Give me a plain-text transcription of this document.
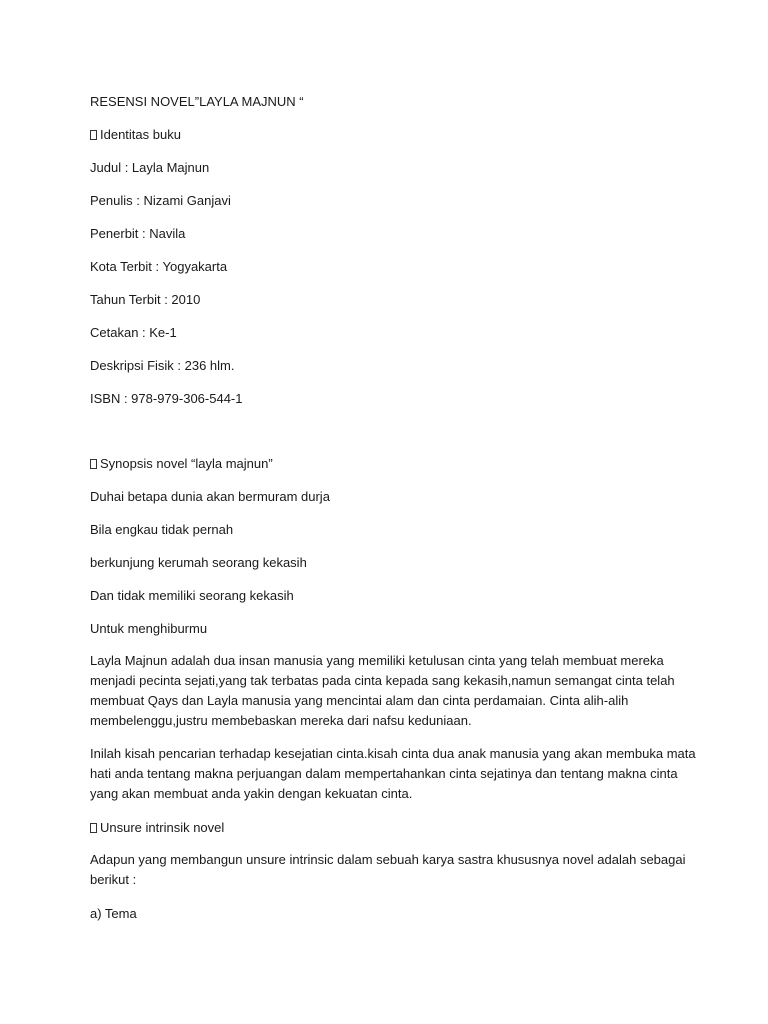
RESENSI NOVEL”LAYLA MAJNUN “
Identitas buku
Judul : Layla Majnun
Penulis : Nizami Ganjavi
Penerbit : Navila
Kota Terbit : Yogyakarta
Tahun Terbit : 2010
Cetakan : Ke-1
Deskripsi Fisik : 236 hlm.
ISBN : 978-979-306-544-1
Synopsis novel “layla majnun”
Duhai betapa dunia akan bermuram durja
Bila engkau tidak pernah
berkunjung kerumah seorang kekasih
Dan tidak memiliki seorang kekasih
Untuk menghiburmu
Layla Majnun adalah dua insan manusia yang memiliki ketulusan cinta yang telah membuat mereka
menjadi pecinta sejati,yang tak terbatas pada cinta kepada sang kekasih,namun semangat cinta telah
membuat Qays dan Layla manusia yang mencintai alam dan cinta perdamaian. Cinta alih-alih
membelenggu,justru membebaskan mereka dari nafsu keduniaan.
Inilah kisah pencarian terhadap kesejatian cinta.kisah cinta dua anak manusia yang akan membuka mata
hati anda tentang makna perjuangan dalam mempertahankan cinta sejatinya dan tentang makna cinta
yang akan membuat anda yakin dengan kekuatan cinta.
Unsure intrinsik novel
Adapun yang membangun unsure intrinsic dalam sebuah karya sastra khususnya novel adalah sebagai
berikut :
a) Tema
